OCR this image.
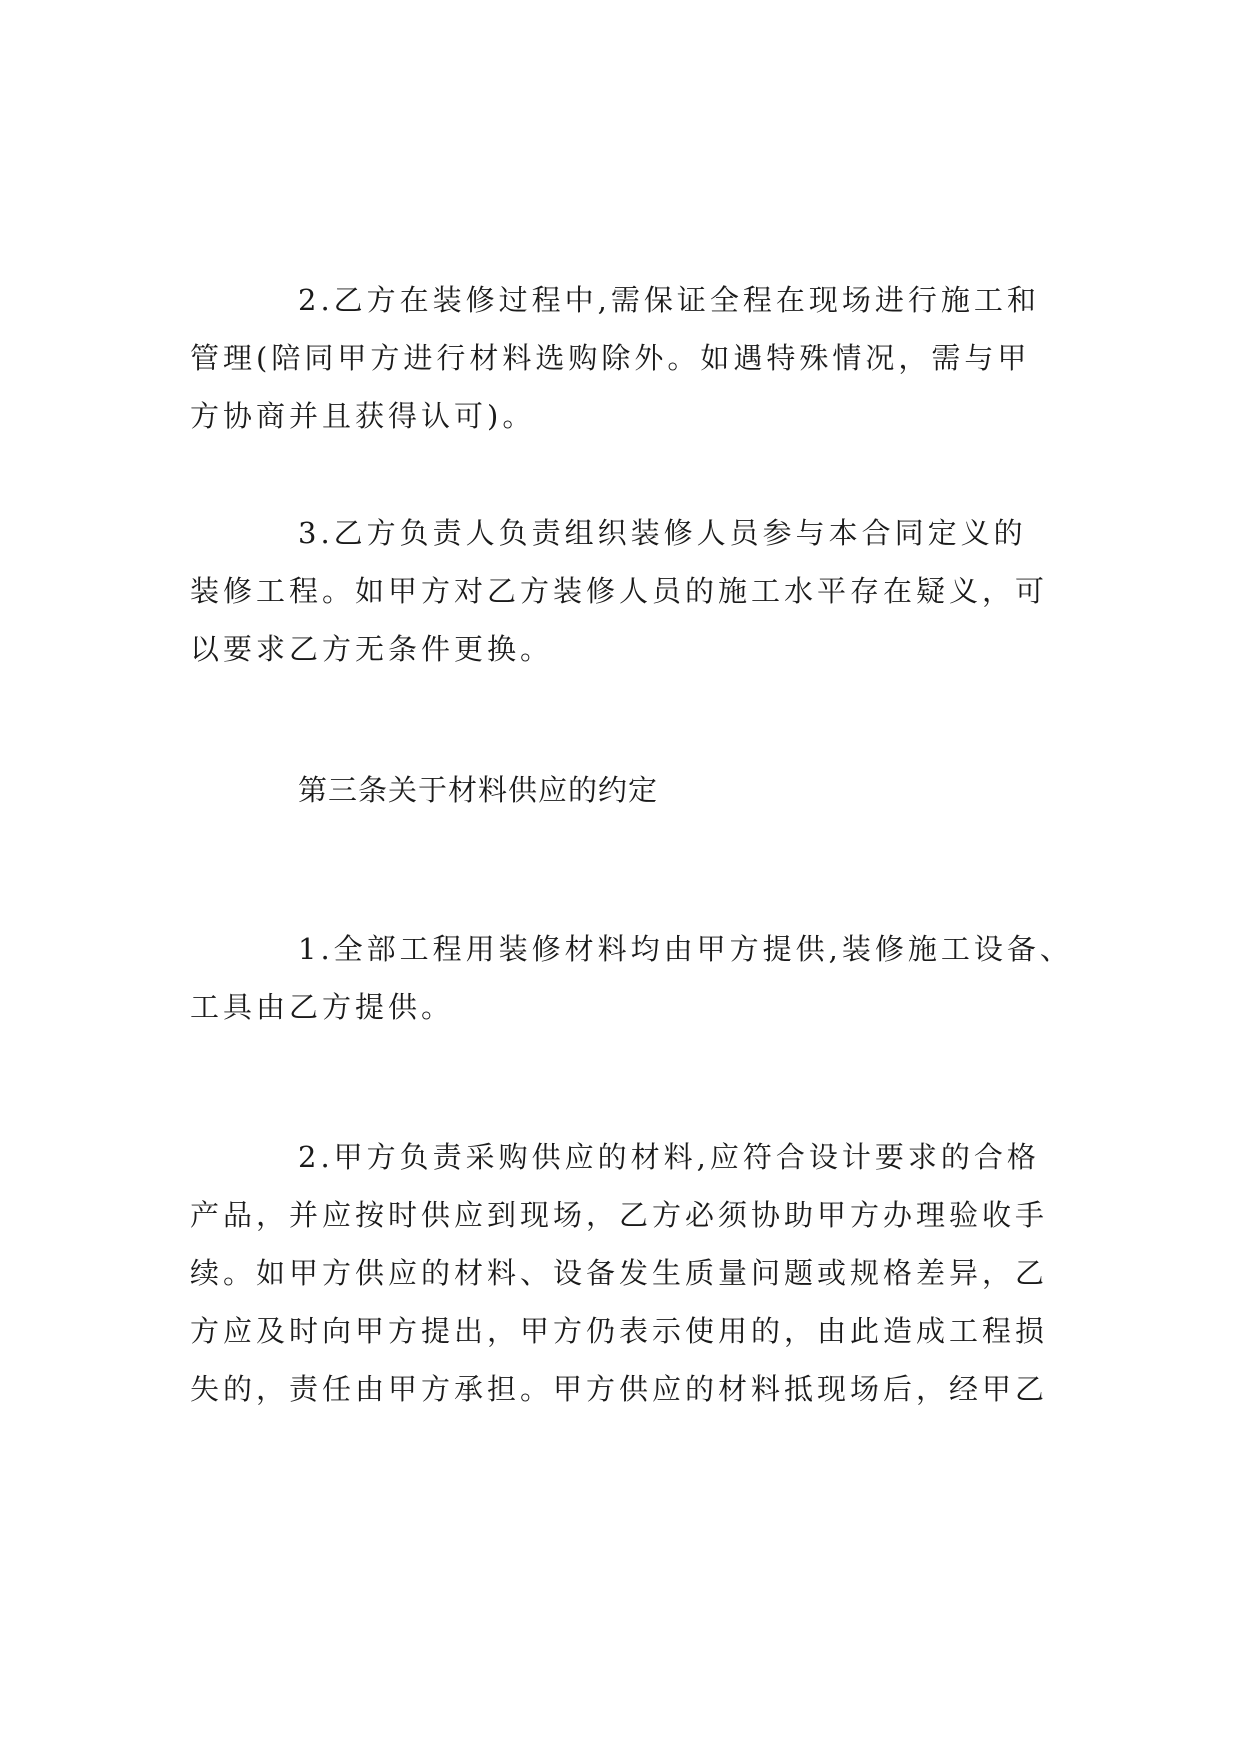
2.乙方在装修过程中,需保证全程在现场进行施工和
管理(陪同甲方进行材料选购除外。如遇特殊情况，需与甲
方协商并且获得认可)。
3.乙方负责人负责组织装修人员参与本合同定义的
装修工程。如甲方对乙方装修人员的施工水平存在疑义，可
以要求乙方无条件更换。
第三条关于材料供应的约定
1.全部工程用装修材料均由甲方提供,装修施工设备、
工具由乙方提供。
2.甲方负责采购供应的材料,应符合设计要求的合格
产品，并应按时供应到现场，乙方必须协助甲方办理验收手
续。如甲方供应的材料、设备发生质量问题或规格差异，乙
方应及时向甲方提出，甲方仍表示使用的，由此造成工程损
失的，责任由甲方承担。甲方供应的材料抵现场后，经甲乙
